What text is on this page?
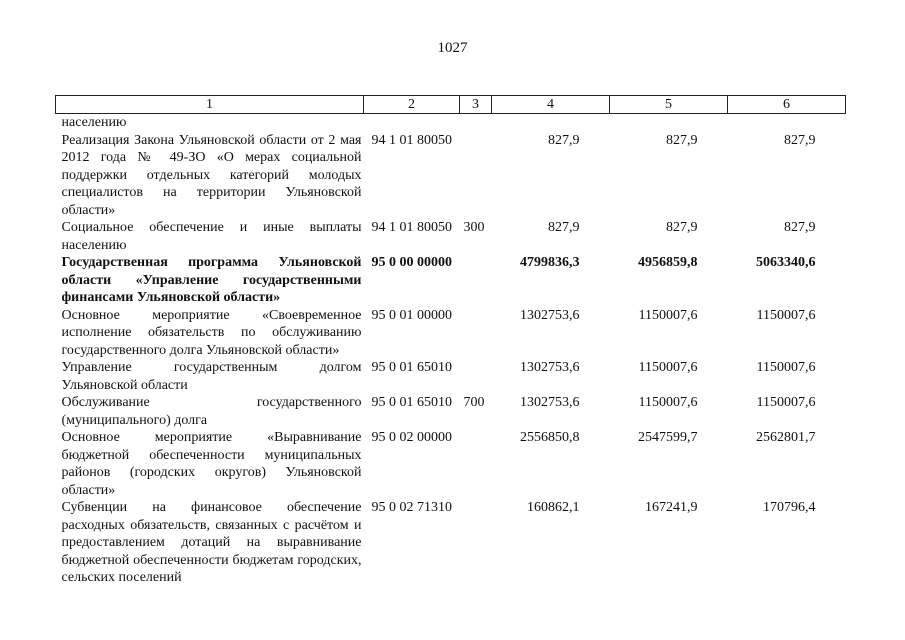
1027
1	2	3	4	5	6
населению					
Реализация Закона Ульяновской области от 2 мая 2012 года № 49-ЗО «О мерах социальной поддержки отдельных категорий молодых специалистов на территории Ульяновской области»	94 1 01 80050		827,9	827,9	827,9
Социальное обеспечение и иные выплаты населению	94 1 01 80050	300	827,9	827,9	827,9
Государственная программа Ульяновской области «Управление государственными финансами Ульяновской области»	95 0 00 00000		4799836,3	4956859,8	5063340,6
Основное мероприятие «Своевременное исполнение обязательств по обслуживанию государственного долга Ульяновской области»	95 0 01 00000		1302753,6	1150007,6	1150007,6
Управление государственным долгом Ульяновской области	95 0 01 65010		1302753,6	1150007,6	1150007,6
Обслуживание государственного (муниципального) долга	95 0 01 65010	700	1302753,6	1150007,6	1150007,6
Основное мероприятие «Выравнивание бюджетной обеспеченности муниципальных районов (городских округов) Ульяновской области»	95 0 02 00000		2556850,8	2547599,7	2562801,7
Субвенции на финансовое обеспечение расходных обязательств, связанных с расчётом и предоставлением дотаций на выравнивание бюджетной обеспеченности бюджетам городских, сельских поселений	95 0 02 71310		160862,1	167241,9	170796,4
